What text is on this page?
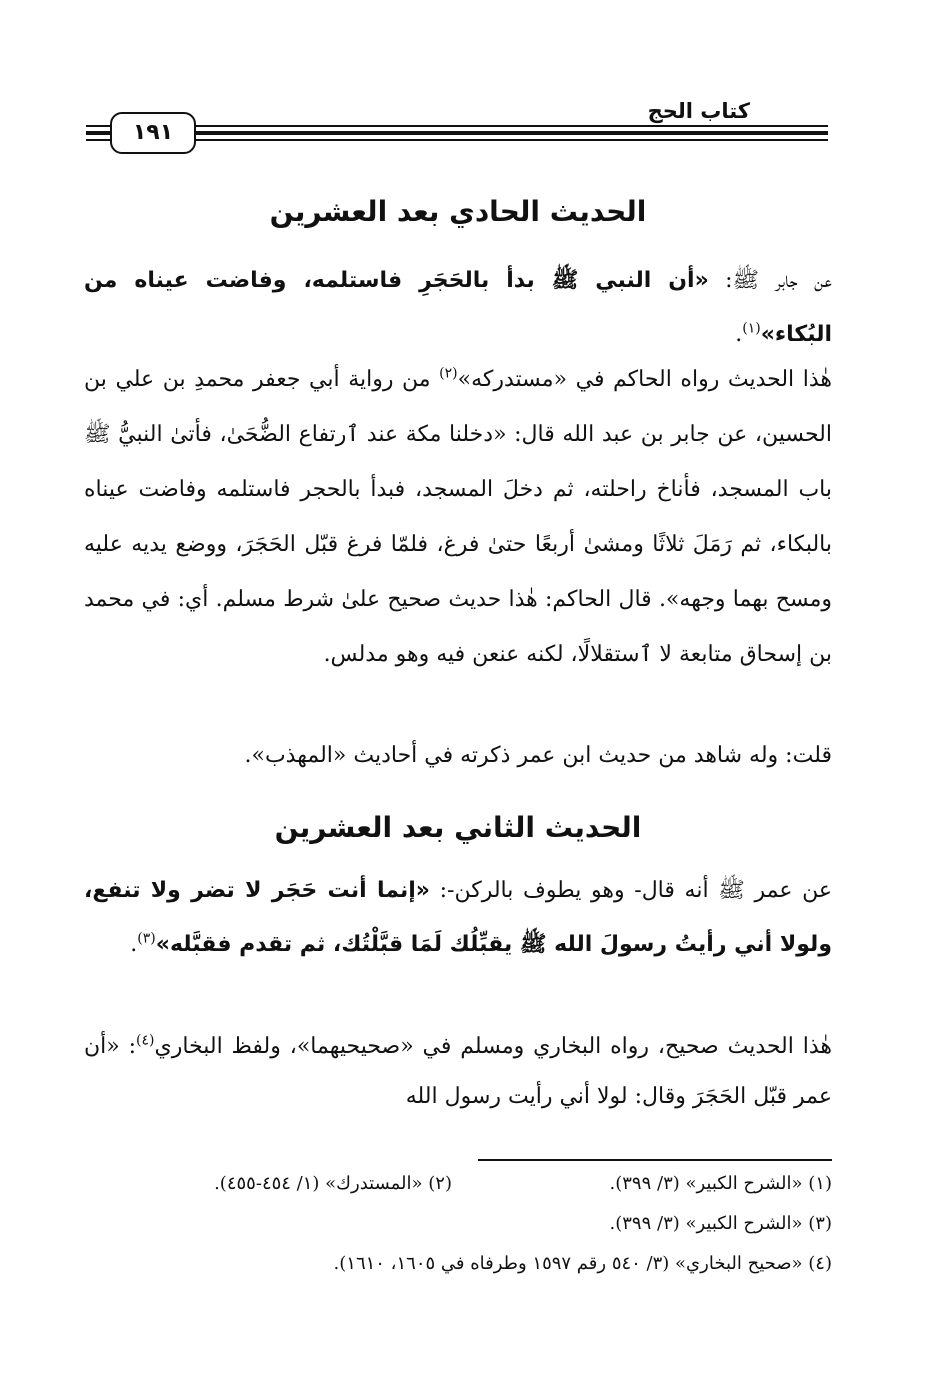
كتاب الحج
١٩١
الحديث الحادي بعد العشرين
عن جابر ﷺ: «أن النبي ﷺ بدأ بالحَجَرِ فاستلمه، وفاضت عيناه من البُكاء»$^{(١)}$.
هٰذا الحديث رواه الحاكم في «مستدركه»$^{(٢)}$ من رواية أبي جعفر محمدِ بن علي بن الحسين، عن جابر بن عبد الله قال: «دخلنا مكة عند ٱرتفاع الضُّحَىٰ، فأتىٰ النبيُّ ﷺ باب المسجد، فأناخ راحلته، ثم دخلَ المسجد، فبدأ بالحجر فاستلمه وفاضت عيناه بالبكاء، ثم رَمَلَ ثلاثًا ومشىٰ أربعًا حتىٰ فرغ، فلمّا فرغ قبّل الحَجَرَ، ووضع يديه عليه ومسح بهما وجهه». قال الحاكم: هٰذا حديث صحيح علىٰ شرط مسلم. أي: في محمد بن إسحاق متابعة لا ٱستقلالًا، لكنه عنعن فيه وهو مدلس.
قلت: وله شاهد من حديث ابن عمر ذكرته في أحاديث «المهذب».
الحديث الثاني بعد العشرين
عن عمر ﷺ أنه قال- وهو يطوف بالركن-: «إنما أنت حَجَر لا تضر ولا تنفع، ولولا أني رأيتُ رسولَ الله ﷺ يقبِّلُك لَمَا قبَّلْتُك، ثم تقدم فقبَّله»$^{(٣)}$.
هٰذا الحديث صحيح، رواه البخاري ومسلم في «صحيحيهما»، ولفظ البخاري$^{(٤)}$: «أن عمر قبّل الحَجَرَ وقال: لولا أني رأيت رسول الله
(١) «الشرح الكبير» (٣/ ٣٩٩).(٢) «المستدرك» (١/ ٤٥٤-٤٥٥).
(٣) «الشرح الكبير» (٣/ ٣٩٩).
(٤) «صحيح البخاري» (٣/ ٥٤٠ رقم ١٥٩٧ وطرفاه في ١٦٠٥، ١٦١٠).
